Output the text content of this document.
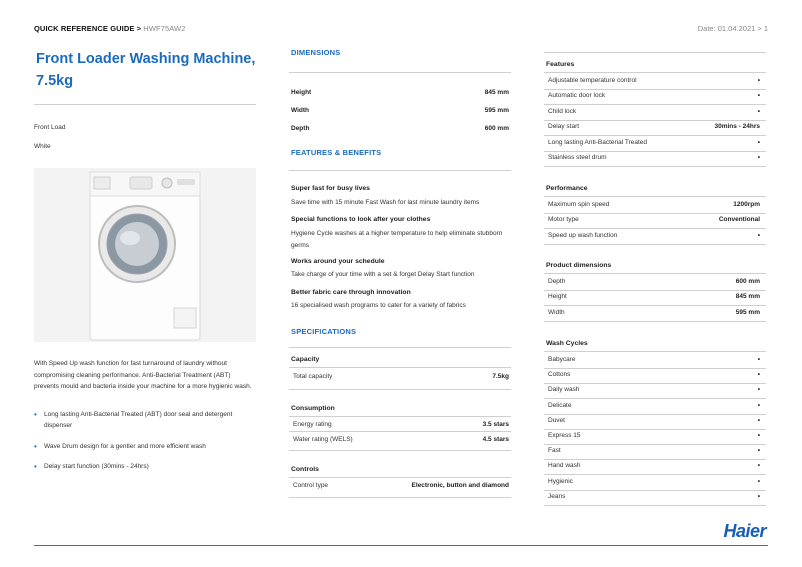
QUICK REFERENCE GUIDE > HWF75AW2	Date: 01.04.2021 > 1
Front Loader Washing Machine,
7.5kg
Front Load
White
With Speed Up wash function for fast turnaround of laundry without compromising cleaning performance. Anti-Bacterial Treatment (ABT) prevents mould and bacteria inside your machine for a more hygienic wash.
• Long lasting Anti-Bacterial Treated (ABT) door seal and detergent dispenser
• Wave Drum design for a gentler and more efficient wash
• Delay start function (30mins - 24hrs)
DIMENSIONS
Height	845 mm
Width	595 mm
Depth	600 mm
FEATURES & BENEFITS
Super fast for busy lives
Save time with 15 minute Fast Wash for last minute laundry items
Special functions to look after your clothes
Hygiene Cycle washes at a higher temperature to help eliminate stubborn germs
Works around your schedule
Take charge of your time with a set & forget Delay Start function
Better fabric care through innovation
16 specialised wash programs to cater for a variety of fabrics
SPECIFICATIONS
Capacity
Total capacity	7.5kg
Consumption
Energy rating	3.5 stars
Water rating (WELS)	4.5 stars
Controls
Control type	Electronic, button and diamond
Features
Adjustable temperature control	•
Automatic door lock	•
Child lock	•
Delay start	30mins - 24hrs
Long lasting Anti-Bacterial Treated	•
Stainless steel drum	•
Performance
Maximum spin speed	1200rpm
Motor type	Conventional
Speed up wash function	•
Product dimensions
Depth	600 mm
Height	845 mm
Width	595 mm
Wash Cycles
Babycare	•
Cottons	•
Daily wash	•
Delicate	•
Duvet	•
Express 15	•
Fast	•
Hand wash	•
Hygienic	•
Jeans	•
Haier
